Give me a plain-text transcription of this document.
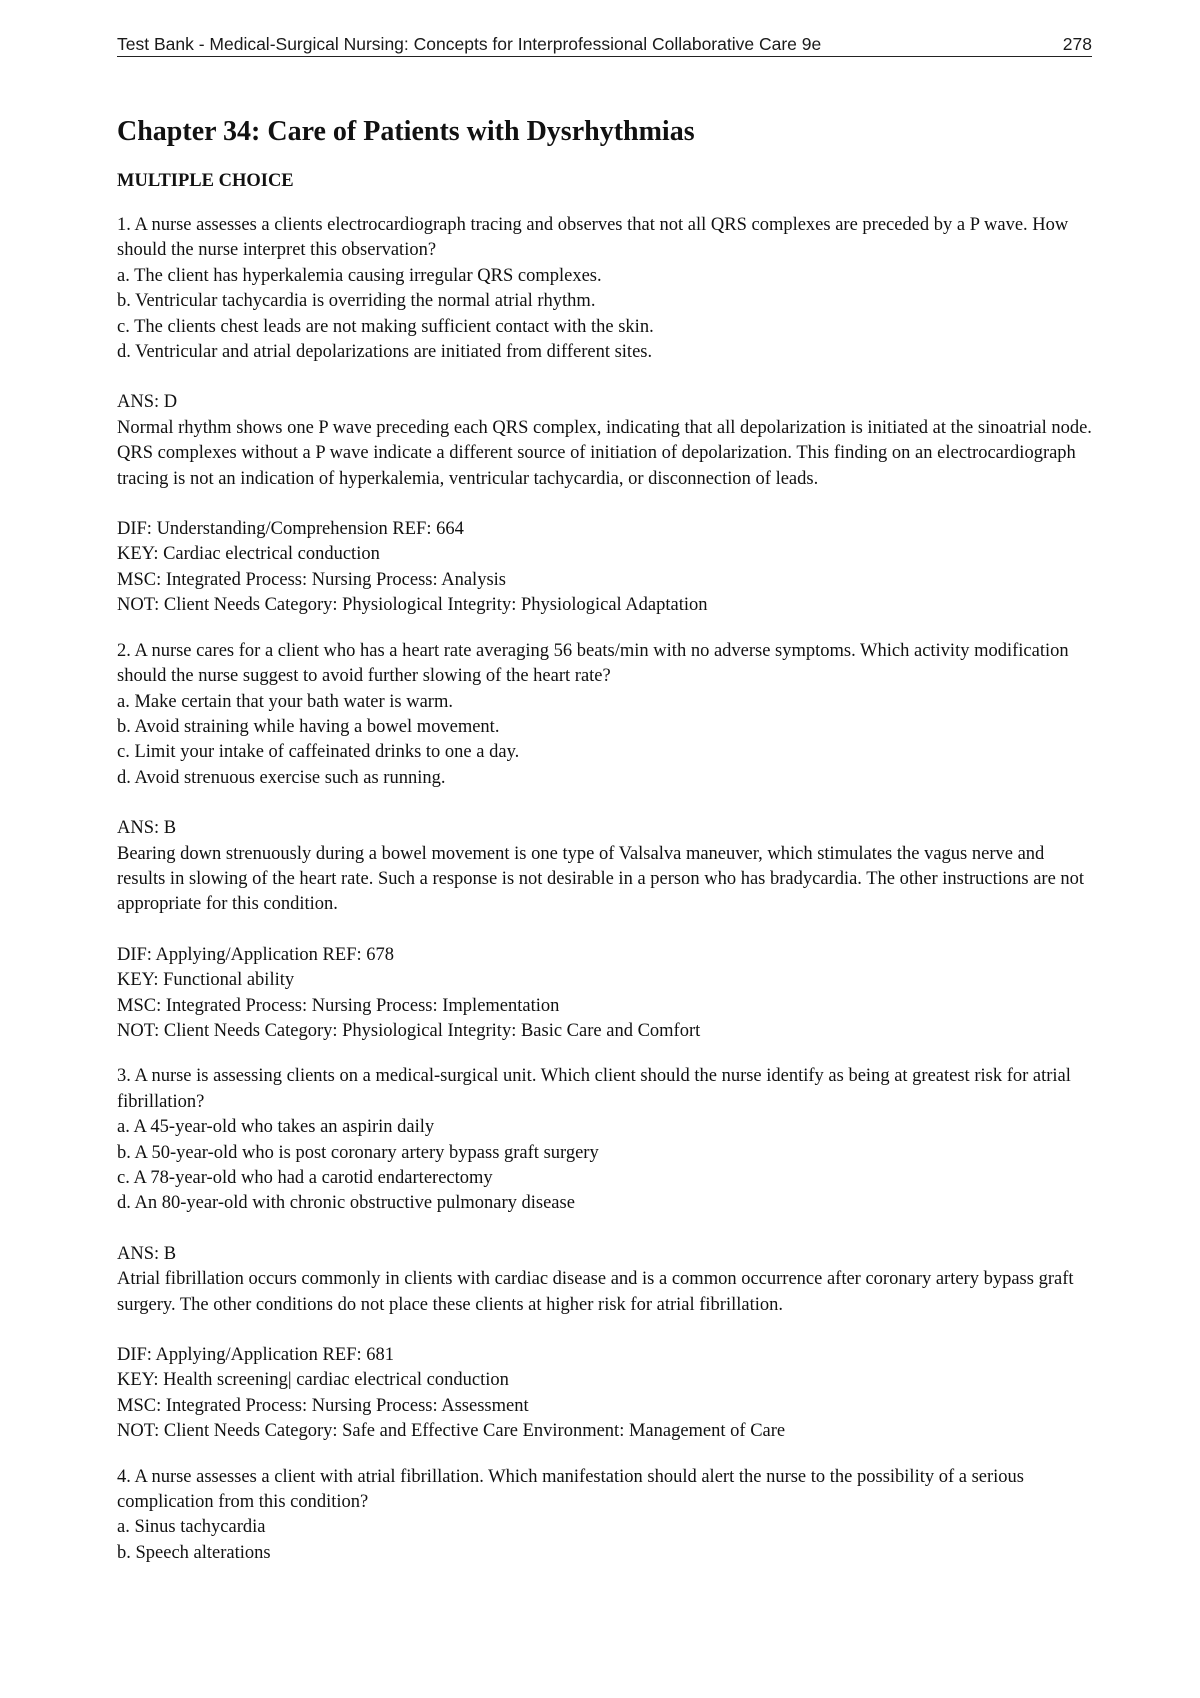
Test Bank - Medical-Surgical Nursing: Concepts for Interprofessional Collaborative Care 9e	278
Chapter 34: Care of Patients with Dysrhythmias
MULTIPLE CHOICE

1. A nurse assesses a clients electrocardiograph tracing and observes that not all QRS complexes are preceded by a P wave. How should the nurse interpret this observation?

a. The client has hyperkalemia causing irregular QRS complexes.
b. Ventricular tachycardia is overriding the normal atrial rhythm.
c. The clients chest leads are not making sufficient contact with the skin.
d. Ventricular and atrial depolarizations are initiated from different sites.

ANS: D

Normal rhythm shows one P wave preceding each QRS complex, indicating that all depolarization is initiated at the sinoatrial node. QRS complexes without a P wave indicate a different source of initiation of depolarization. This finding on an electrocardiograph tracing is not an indication of hyperkalemia, ventricular tachycardia, or disconnection of leads.

DIF: Understanding/Comprehension REF: 664

KEY: Cardiac electrical conduction

MSC: Integrated Process: Nursing Process: Analysis

NOT: Client Needs Category: Physiological Integrity: Physiological Adaptation

2. A nurse cares for a client who has a heart rate averaging 56 beats/min with no adverse symptoms. Which activity modification should the nurse suggest to avoid further slowing of the heart rate?

a. Make certain that your bath water is warm.
b. Avoid straining while having a bowel movement.
c. Limit your intake of caffeinated drinks to one a day.
d. Avoid strenuous exercise such as running.

ANS: B

Bearing down strenuously during a bowel movement is one type of Valsalva maneuver, which stimulates the vagus nerve and results in slowing of the heart rate. Such a response is not desirable in a person who has bradycardia. The other instructions are not appropriate for this condition.

DIF: Applying/Application REF: 678

KEY: Functional ability

MSC: Integrated Process: Nursing Process: Implementation

NOT: Client Needs Category: Physiological Integrity: Basic Care and Comfort

3. A nurse is assessing clients on a medical-surgical unit. Which client should the nurse identify as being at greatest risk for atrial fibrillation?

a. A 45-year-old who takes an aspirin daily
b. A 50-year-old who is post coronary artery bypass graft surgery
c. A 78-year-old who had a carotid endarterectomy
d. An 80-year-old with chronic obstructive pulmonary disease

ANS: B

Atrial fibrillation occurs commonly in clients with cardiac disease and is a common occurrence after coronary artery bypass graft surgery. The other conditions do not place these clients at higher risk for atrial fibrillation.

DIF: Applying/Application REF: 681

KEY: Health screening| cardiac electrical conduction

MSC: Integrated Process: Nursing Process: Assessment

NOT: Client Needs Category: Safe and Effective Care Environment: Management of Care

4. A nurse assesses a client with atrial fibrillation. Which manifestation should alert the nurse to the possibility of a serious complication from this condition?

a. Sinus tachycardia
b. Speech alterations
